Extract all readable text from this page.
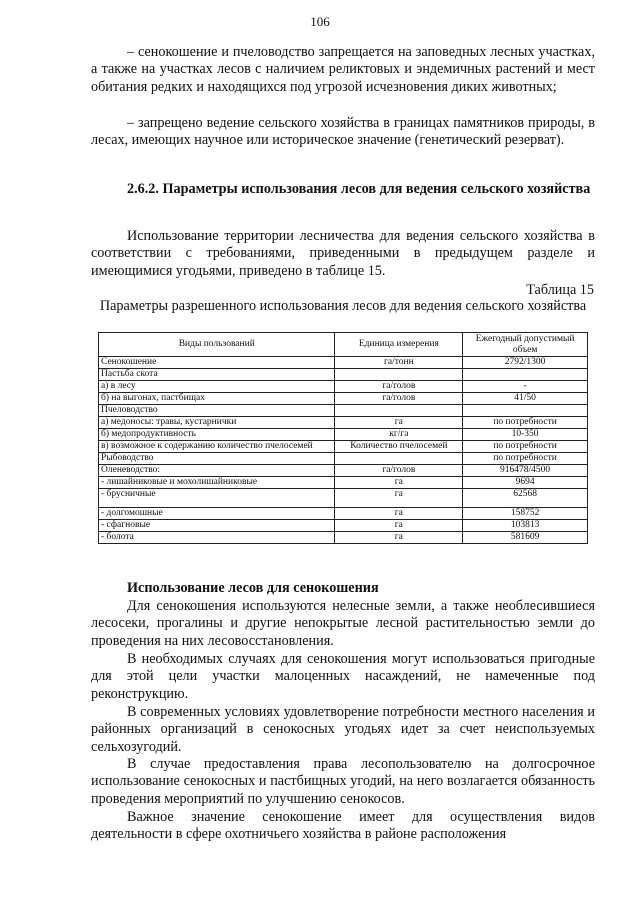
106

– сенокошение и пчеловодство запрещается на заповедных лесных участках, а также на участках лесов с наличием реликтовых и эндемичных растений и мест обитания редких и находящихся под угрозой исчезновения диких животных;

– запрещено ведение сельского хозяйства в границах памятников природы, в лесах, имеющих научное или историческое значение (генетический резерват).

2.6.2. Параметры использования лесов для ведения сельского хозяйства

Использование территории лесничества для ведения сельского хозяйства в соответствии с требованиями, приведенными в предыдущем разделе и имеющимися угодьями, приведено в таблице 15.

Таблица 15
Параметры разрешенного использования лесов для ведения сельского хозяйства
Виды пользований	Единица измерения	Ежегодный допустимый объем
Сенокошение	га/тонн	2792/1300
Пастьба скота		
а) в лесу	га/голов	-
б) на выгонах, пастбищах	га/голов	41/50
Пчеловодство		
а) медоносы: травы, кустарнички	га	по потребности
б) медопродуктивность	кг/га	10-350
в) возможное к содержанию количество пчелосемей	Количество пчелосемей	по потребности
Рыбоводство		по потребности
Оленеводство:	га/голов	916478/4500
- лишайниковые и мохолишайниковые	га	9694
- брусничные	га	62568
- долгомошные	га	158752
- сфагновые	га	103813
- болота	га	581609
Использование лесов для сенокошения

Для сенокошения используются нелесные земли, а также необлесившиеся лесосеки, прогалины и другие непокрытые лесной растительностью земли до проведения на них лесовосстановления.

В необходимых случаях для сенокошения могут использоваться пригодные для этой цели участки малоценных насаждений, не намеченные под реконструкцию.

В современных условиях удовлетворение потребности местного населения и районных организаций в сенокосных угодьях идет за счет неиспользуемых сельхозугодий.

В случае предоставления права лесопользователю на долгосрочное использование сенокосных и пастбищных угодий, на него возлагается обязанность проведения мероприятий по улучшению сенокосов.

Важное значение сенокошение имеет для осуществления видов деятельности в сфере охотничьего хозяйства в районе расположения
